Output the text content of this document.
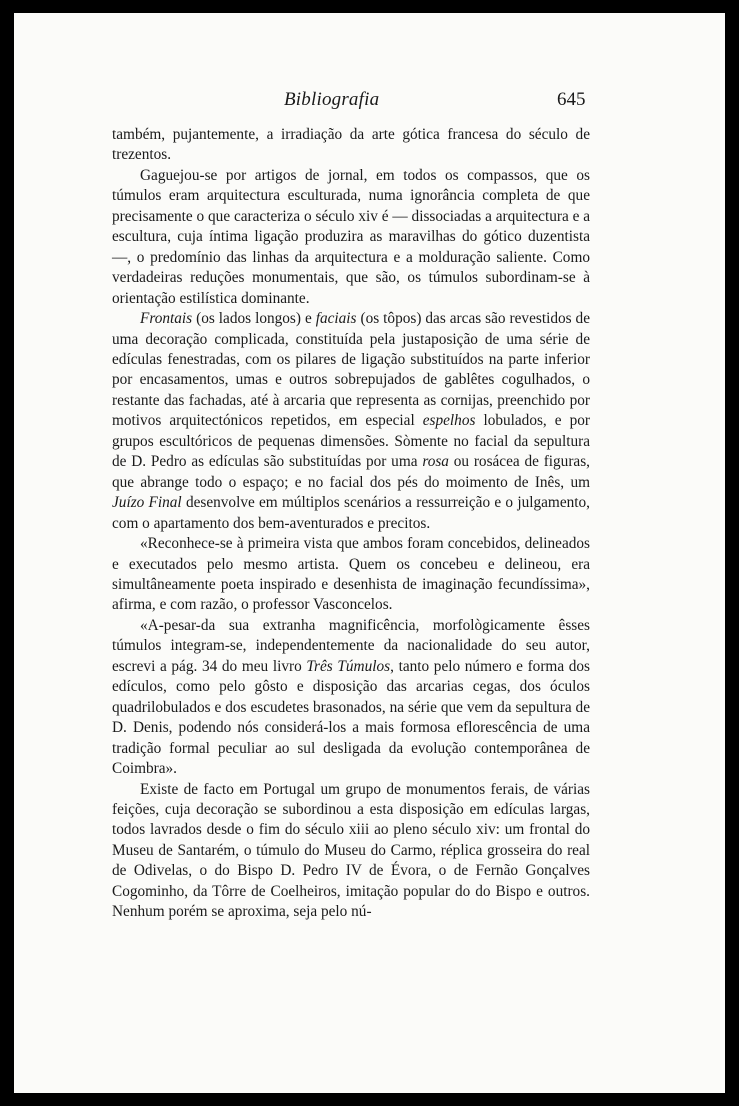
Bibliografia	645

também, pujantemente, a irradiação da arte gótica francesa do século de trezentos.

Gaguejou-se por artigos de jornal, em todos os compassos, que os túmulos eram arquitectura esculturada, numa ignorância completa de que precisamente o que caracteriza o século xiv é — dissociadas a arquitectura e a escultura, cuja íntima ligação produzira as maravilhas do gótico duzentista —, o predomínio das linhas da arquitectura e a molduração saliente. Como verdadeiras reduções monumentais, que são, os túmulos subordinam-se à orientação estilística dominante.

Frontais (os lados longos) e faciais (os tôpos) das arcas são revestidos de uma decoração complicada, constituída pela justaposição de uma série de edículas fenestradas, com os pilares de ligação substituídos na parte inferior por encasamentos, umas e outros sobrepujados de gablêtes cogulhados, o restante das fachadas, até à arcaria que representa as cornijas, preenchido por motivos arquitectónicos repetidos, em especial espelhos lobulados, e por grupos escultóricos de pequenas dimensões. Sòmente no facial da sepultura de D. Pedro as edículas são substituídas por uma rosa ou rosácea de figuras, que abrange todo o espaço; e no facial dos pés do moimento de Inês, um Juízo Final desenvolve em múltiplos scenários a ressurreição e o julgamento, com o apartamento dos bem-aventurados e precitos.

«Reconhece-se à primeira vista que ambos foram concebidos, delineados e executados pelo mesmo artista. Quem os concebeu e delineou, era simultâneamente poeta inspirado e desenhista de imaginação fecundíssima», afirma, e com razão, o professor Vasconcelos.

«A-pesar-da sua extranha magnificência, morfològicamente êsses túmulos integram-se, independentemente da nacionalidade do seu autor, escrevi a pág. 34 do meu livro Três Túmulos, tanto pelo número e forma dos edículos, como pelo gôsto e disposição das arcarias cegas, dos óculos quadrilobulados e dos escudetes brasonados, na série que vem da sepultura de D. Denis, podendo nós considerá-los a mais formosa eflorescência de uma tradição formal peculiar ao sul desligada da evolução contemporânea de Coimbra».

Existe de facto em Portugal um grupo de monumentos ferais, de várias feições, cuja decoração se subordinou a esta disposição em edículas largas, todos lavrados desde o fim do século xiii ao pleno século xiv: um frontal do Museu de Santarém, o túmulo do Museu do Carmo, réplica grosseira do real de Odivelas, o do Bispo D. Pedro IV de Évora, o de Fernão Gonçalves Cogominho, da Tôrre de Coelheiros, imitação popular do do Bispo e outros. Nenhum porém se aproxima, seja pelo nú-
